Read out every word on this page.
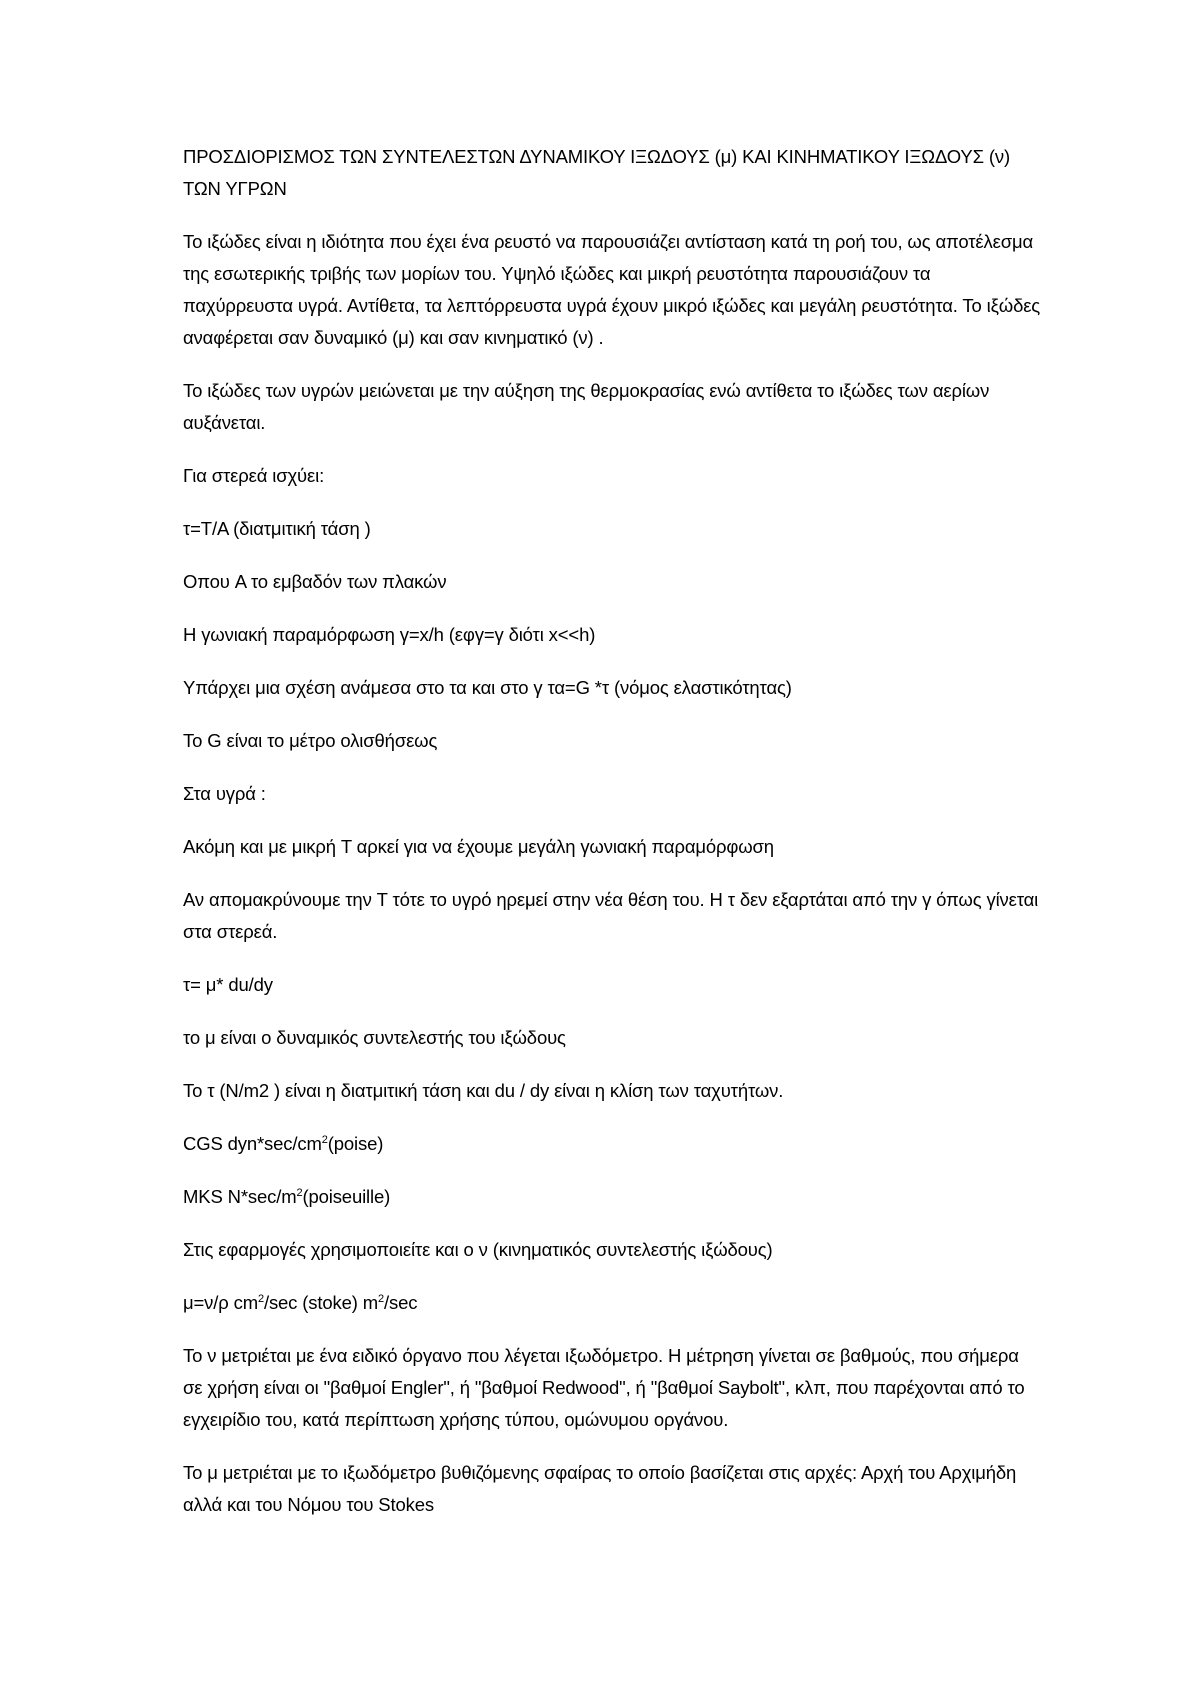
ΠΡΟΣΔΙΟΡΙΣΜΟΣ ΤΩΝ ΣΥΝΤΕΛΕΣΤΩΝ ΔΥΝΑΜΙΚΟΥ ΙΞΩΔΟΥΣ (μ) ΚΑΙ ΚΙΝΗΜΑΤΙΚΟΥ ΙΞΩΔΟΥΣ (ν) ΤΩΝ ΥΓΡΩΝ

Το ιξώδες είναι η ιδιότητα που έχει ένα ρευστό να παρουσιάζει αντίσταση κατά τη ροή του, ως αποτέλεσμα της εσωτερικής τριβής των μορίων του. Υψηλό ιξώδες και μικρή ρευστότητα παρουσιάζουν τα παχύρρευστα υγρά. Αντίθετα, τα λεπτόρρευστα υγρά έχουν μικρό ιξώδες και μεγάλη ρευστότητα. Το ιξώδες αναφέρεται σαν δυναμικό (μ) και σαν κινηματικό (ν) .

Το ιξώδες των υγρών μειώνεται με την αύξηση της θερμοκρασίας ενώ αντίθετα το ιξώδες των αερίων αυξάνεται.

Για στερεά ισχύει:

τ=T/A (διατμιτική τάση )

Οπου A το εμβαδόν των πλακών

Η γωνιακή παραμόρφωση γ=x/h (εφγ=γ διότι x<<h)

Υπάρχει μια σχέση ανάμεσα στο τα και στο γ τα=G *τ (νόμος ελαστικότητας)

Το G είναι το μέτρο ολισθήσεως

Στα υγρά :

Ακόμη και με μικρή T αρκεί για να έχουμε μεγάλη γωνιακή παραμόρφωση

Αν απομακρύνουμε την T τότε το υγρό ηρεμεί στην νέα θέση του. Η τ δεν εξαρτάται από την γ όπως γίνεται στα στερεά.

τ= μ* du/dy

το μ είναι ο δυναμικός συντελεστής του ιξώδους

Το τ (N/m2 ) είναι η διατμιτική τάση και du / dy είναι η κλίση των ταχυτήτων.

CGS $dyn*\sec/cm^2(poise)$

MKS $N*\sec/m^2(poiseuille)$

Στις εφαρμογές χρησιμοποιείτε και ο ν (κινηματικός συντελεστής ιξώδους)

μ=ν/ρ $cm^2/\sec$ (stoke) $m^2/\sec$

Το ν μετριέται με ένα ειδικό όργανο που λέγεται ιξωδόμετρο. Η μέτρηση γίνεται σε βαθμούς, που σήμερα σε χρήση είναι οι "βαθμοί Engler", ή "βαθμοί Redwood", ή "βαθμοί Saybolt", κλπ, που παρέχονται από το εγχειρίδιο του, κατά περίπτωση χρήσης τύπου, ομώνυμου οργάνου.

Το μ μετριέται με το ιξωδόμετρο βυθιζόμενης σφαίρας το οποίο βασίζεται στις αρχές: Αρχή του Αρχιμήδη αλλά και του Νόμου του Stokes
